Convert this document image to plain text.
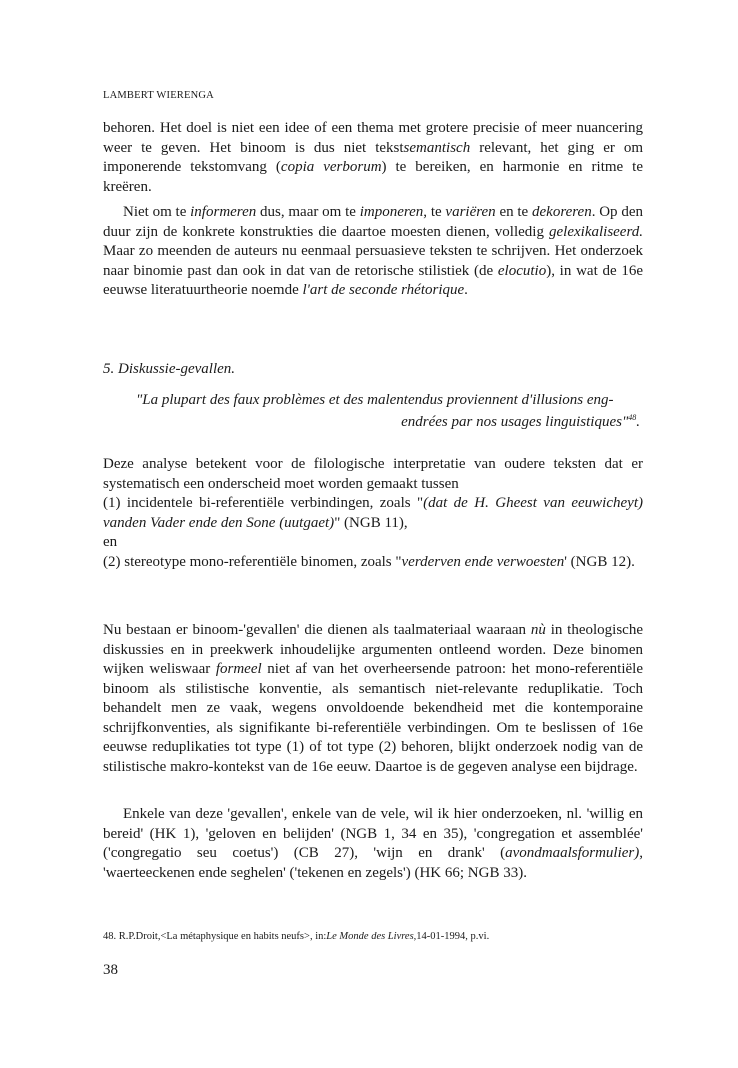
LAMBERT WIERENGA

behoren. Het doel is niet een idee of een thema met grotere precisie of meer nuancering weer te geven. Het binoom is dus niet tekstsemantisch relevant, het ging er om imponerende tekstomvang (copia verborum) te bereiken, en harmonie en ritme te kreëren.

Niet om te informeren dus, maar om te imponeren, te variëren en te dekoreren. Op den duur zijn de konkrete konstrukties die daartoe moesten dienen, volledig gelexikaliseerd. Maar zo meenden de auteurs nu eenmaal persuasieve teksten te schrijven. Het onderzoek naar binomie past dan ook in dat van de retorische stilistiek (de elocutio), in wat de 16e eeuwse literatuurtheorie noemde l'art de seconde rhétorique.

5. Diskussie-gevallen.

"La plupart des faux problèmes et des malentendus proviennent d'illusions eng-
endrées par nos usages linguistiques"$^{48}$.

Deze analyse betekent voor de filologische interpretatie van oudere teksten dat er systematisch een onderscheid moet worden gemaakt tussen
(1) incidentele bi-referentiële verbindingen, zoals "(dat de H. Gheest van eeuwicheyt) vanden Vader ende den Sone (uutgaet)" (NGB 11),
en
(2) stereotype mono-referentiële binomen, zoals "verderven ende verwoesten' (NGB 12).

Nu bestaan er binoom-'gevallen' die dienen als taalmateriaal waaraan nù in theologische diskussies en in preekwerk inhoudelijke argumenten ontleend worden. Deze binomen wijken weliswaar formeel niet af van het overheersende patroon: het mono-referentiële binoom als stilistische konventie, als semantisch niet-relevante reduplikatie. Toch behandelt men ze vaak, wegens onvoldoende bekendheid met die kontemporaine schrijfkonventies, als signifikante bi-referentiële verbindingen. Om te beslissen of 16e eeuwse reduplikaties tot type (1) of tot type (2) behoren, blijkt onderzoek nodig van de stilistische makro-kontekst van de 16e eeuw. Daartoe is de gegeven analyse een bijdrage.

Enkele van deze 'gevallen', enkele van de vele, wil ik hier onderzoeken, nl. 'willig en bereid' (HK 1), 'geloven en belijden' (NGB 1, 34 en 35), 'congregation et assemblée' ('congregatio seu coetus') (CB 27), 'wijn en drank' (avondmaalsformulier), 'waerteeckenen ende seghelen' ('tekenen en zegels') (HK 66; NGB 33).

48. R.P.Droit,<La métaphysique en habits neufs>, in:Le Monde des Livres,14-01-1994, p.vi.
38
